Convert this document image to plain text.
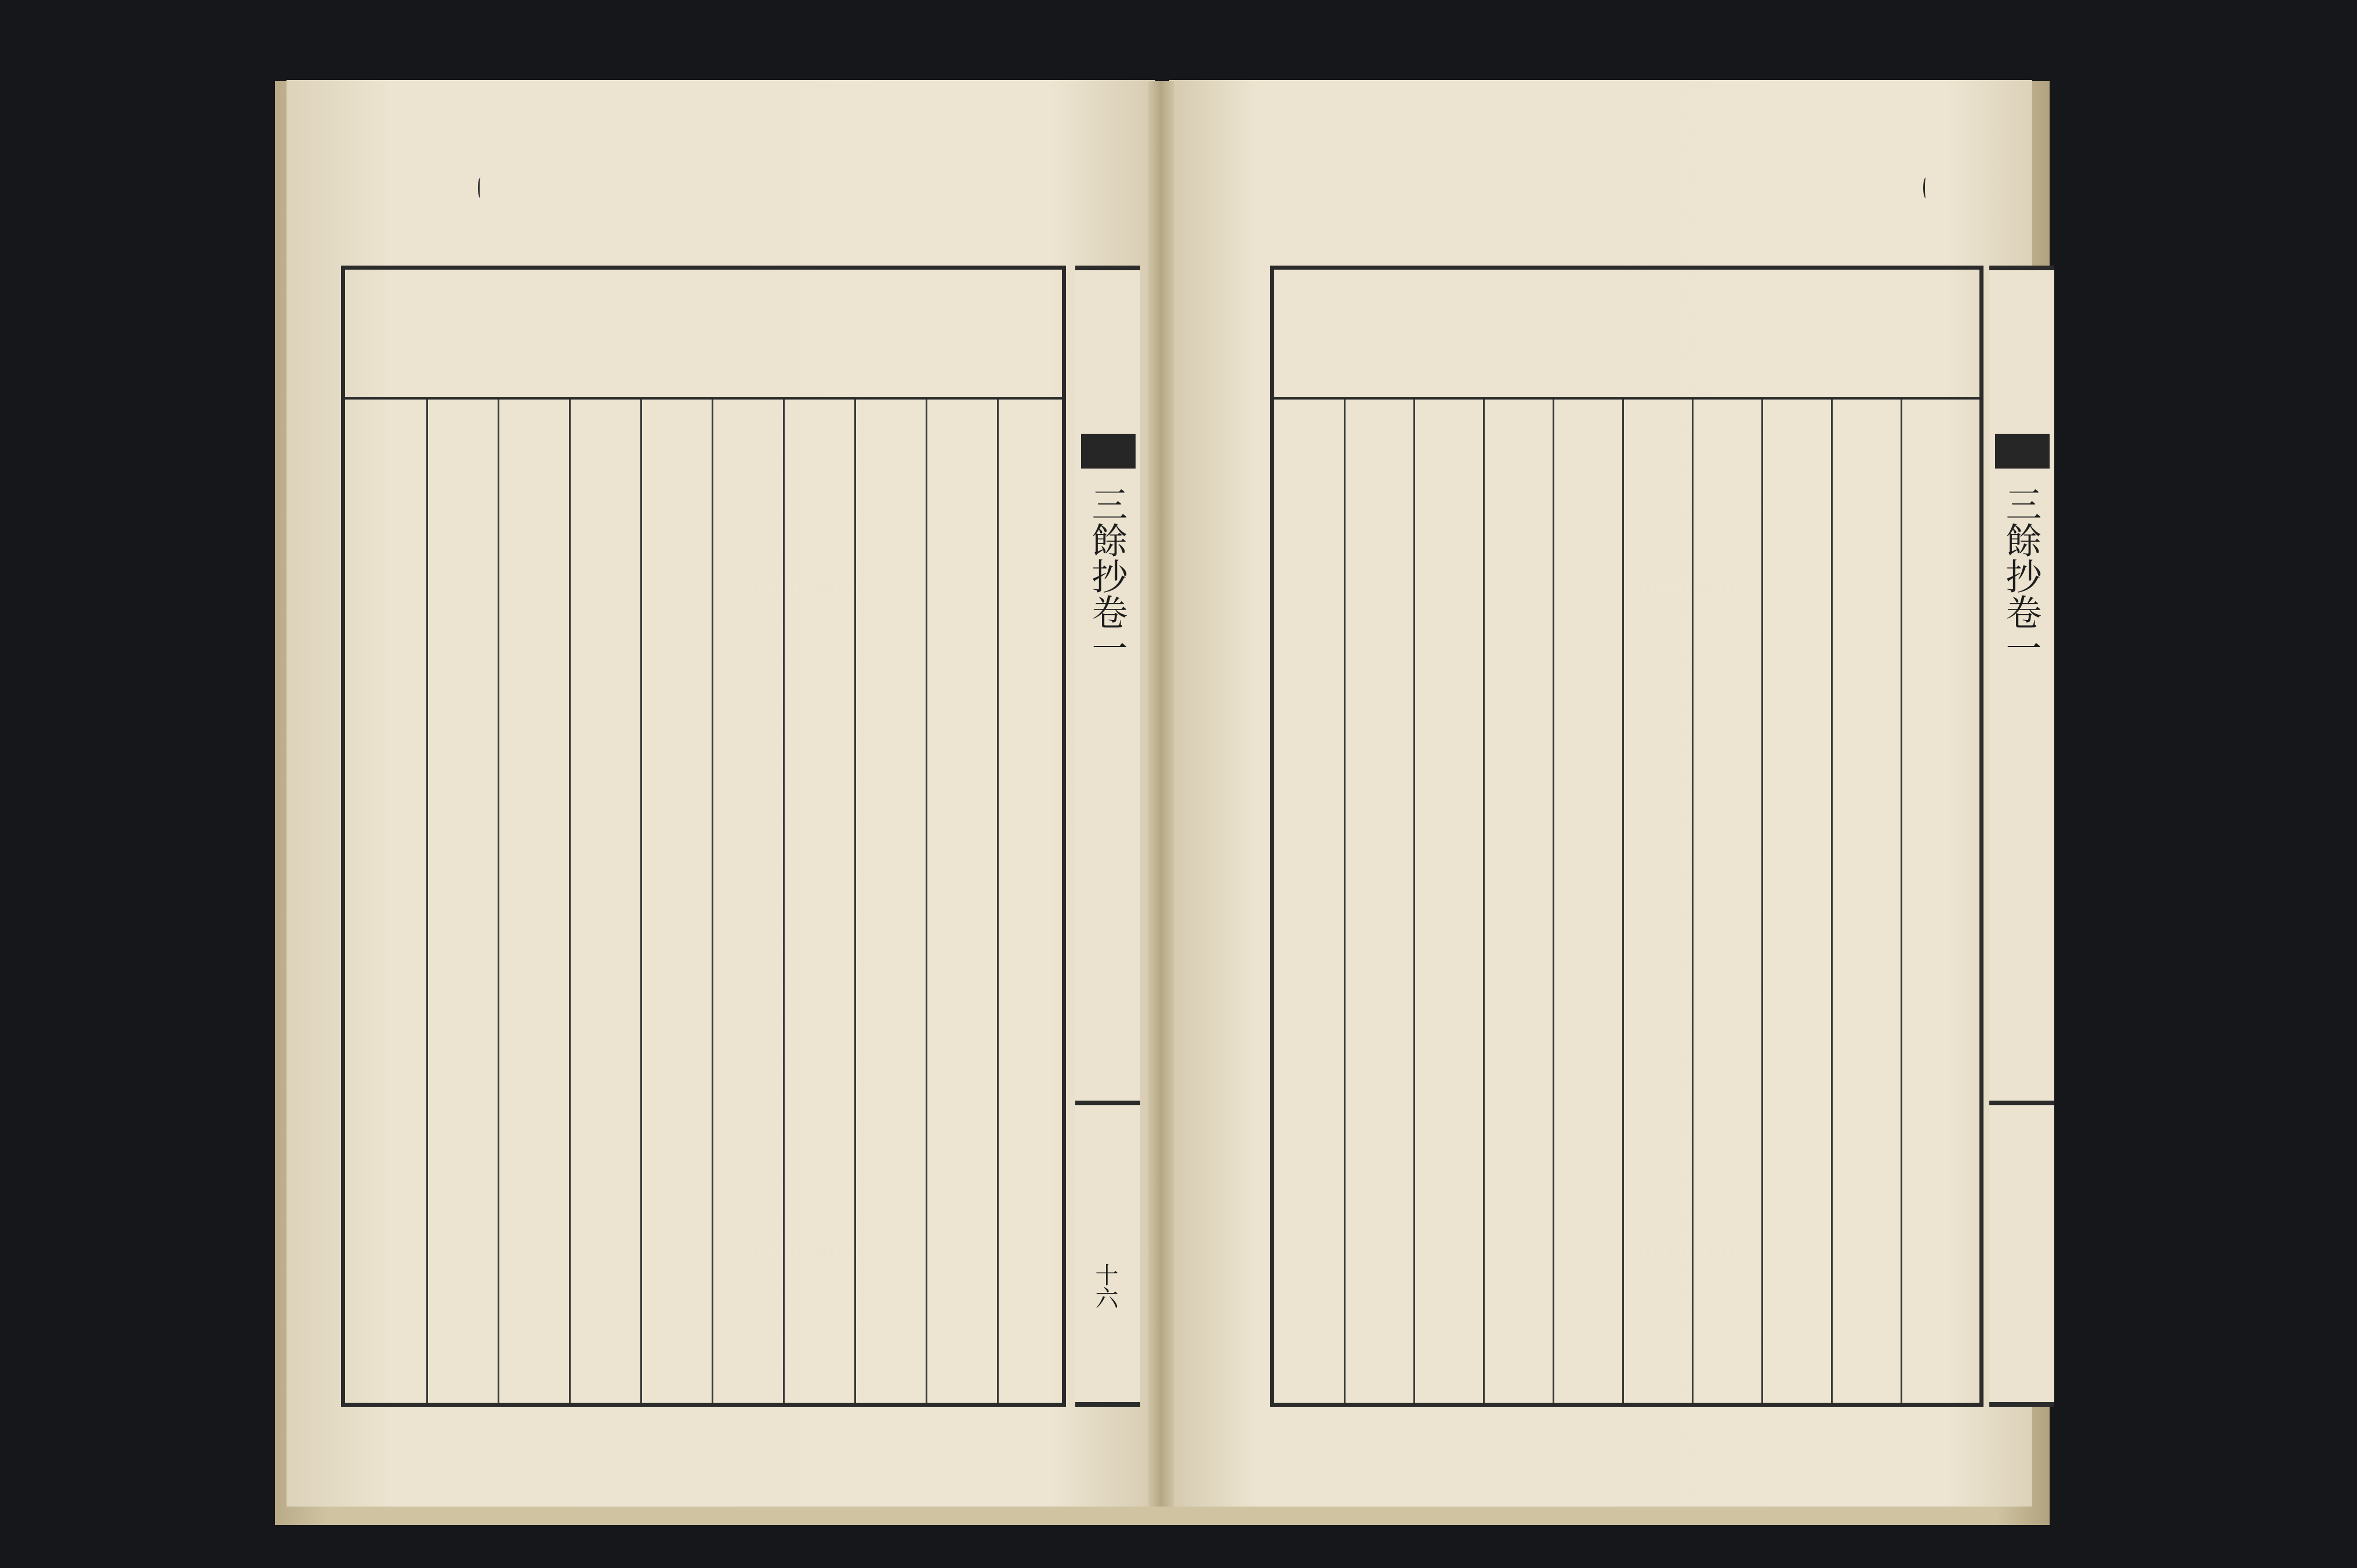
三餘抄卷一
十六
三餘抄卷一
